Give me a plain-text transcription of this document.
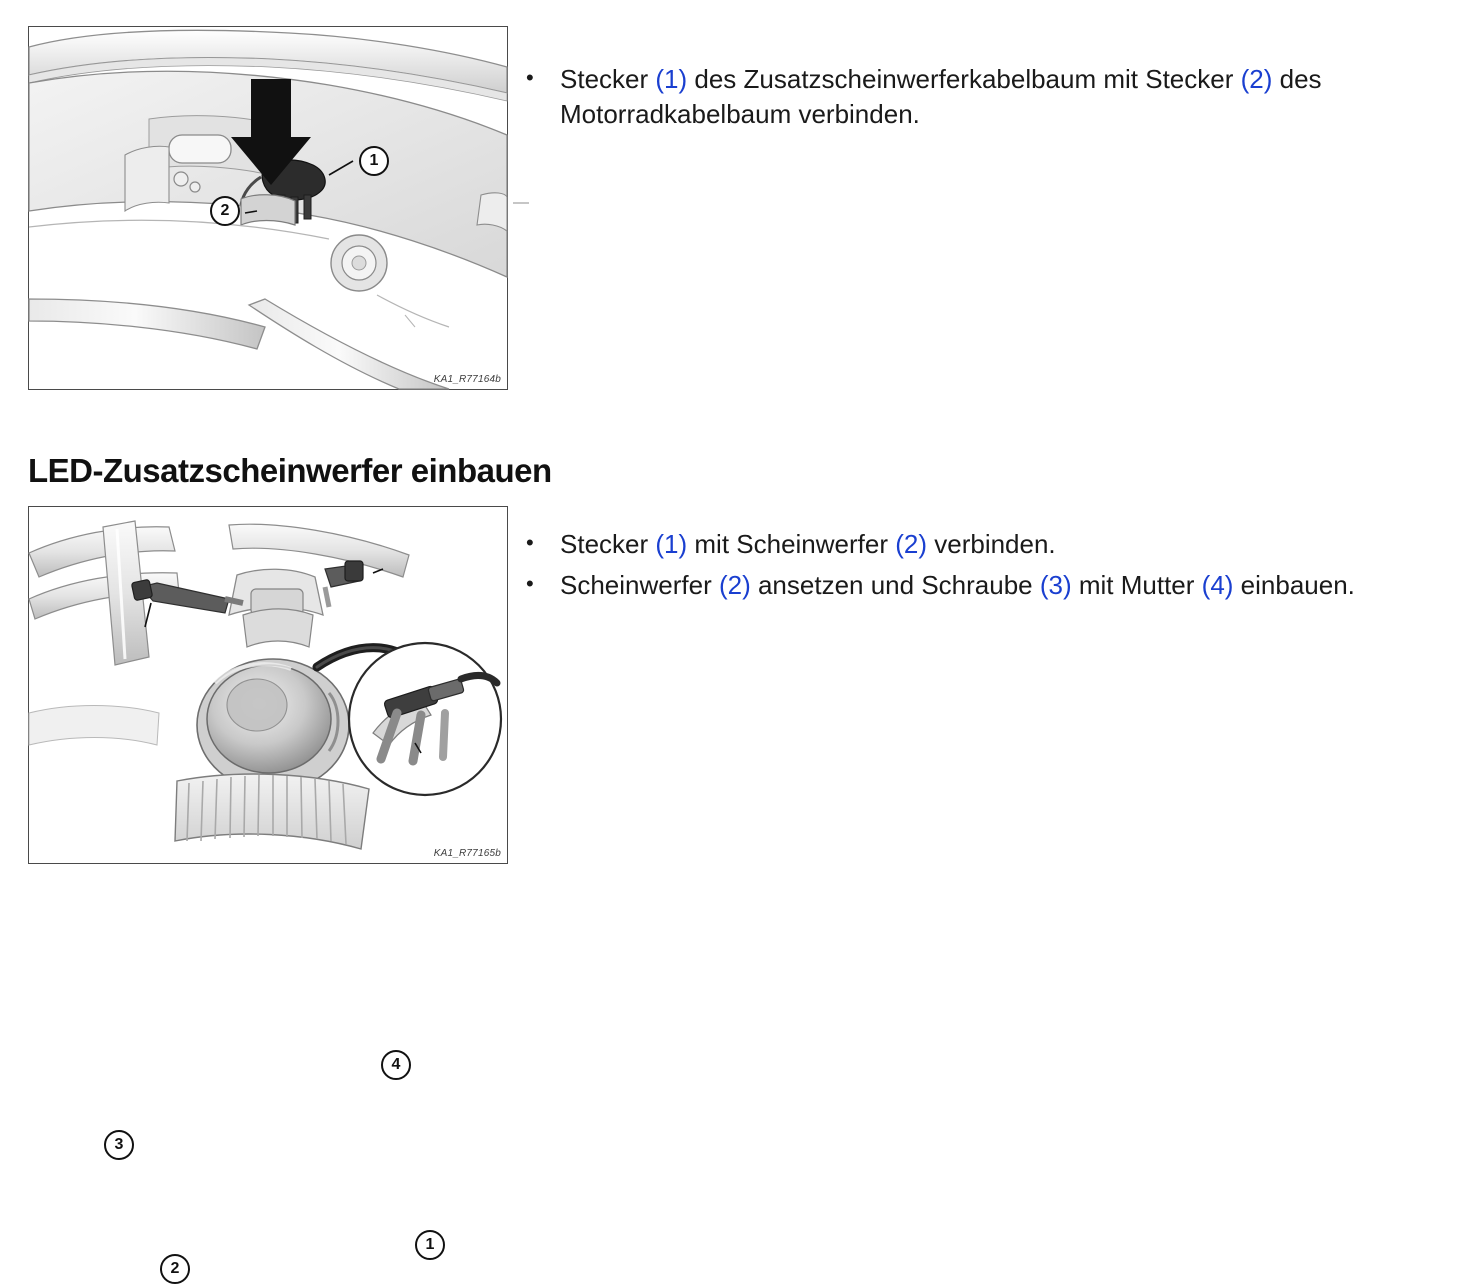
1
2
KA1_R77164b
•	Stecker (1) des Zusatzscheinwerferkabelbaum mit Stecker (2) des Motorradkabelbaum verbinden.
LED-Zusatzscheinwerfer einbauen
4
3
1
2
KA1_R77165b
•	Stecker (1) mit Scheinwerfer (2) verbinden.
•	Scheinwerfer (2) ansetzen und Schraube (3) mit Mutter (4) einbauen.
